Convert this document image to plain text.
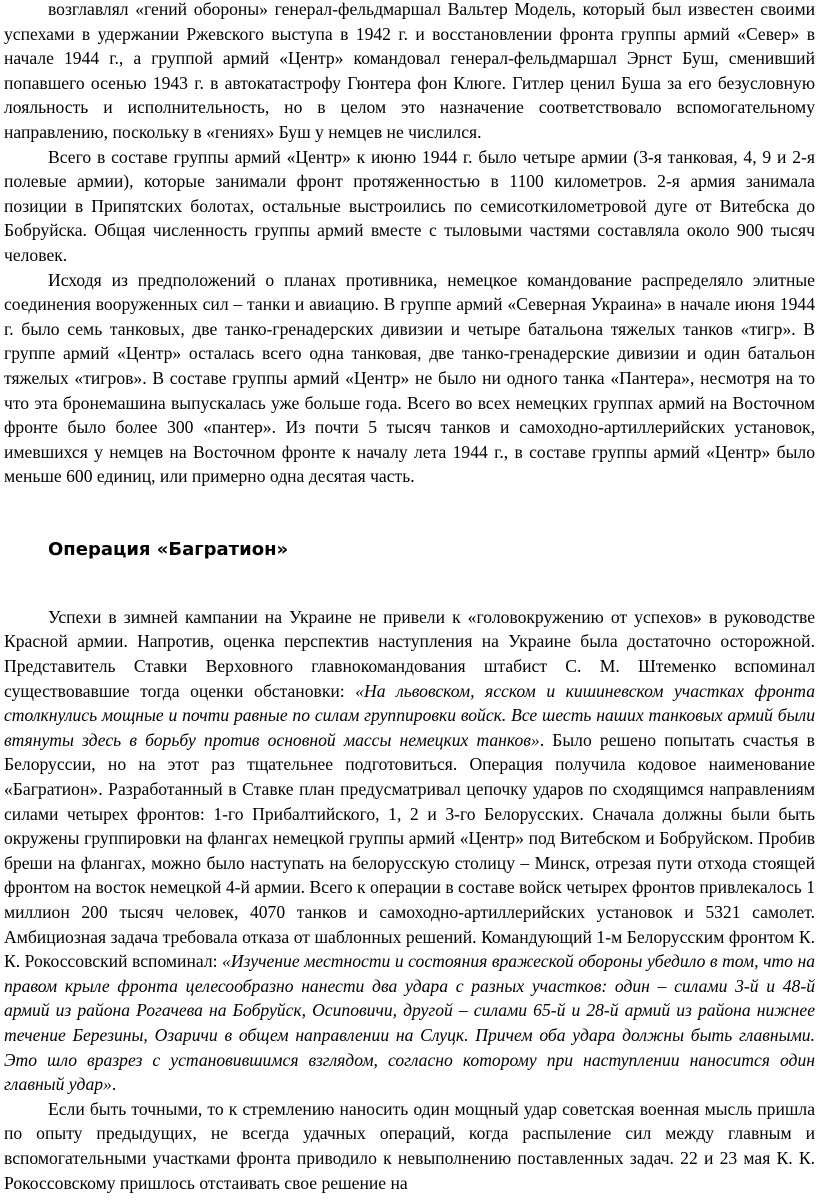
возглавлял «гений обороны» генерал-фельдмаршал Вальтер Модель, который был известен своими успехами в удержании Ржевского выступа в 1942 г. и восстановлении фронта группы армий «Север» в начале 1944 г., а группой армий «Центр» командовал генерал-фельдмаршал Эрнст Буш, сменивший попавшего осенью 1943 г. в автокатастрофу Гюнтера фон Клюге. Гитлер ценил Буша за его безусловную лояльность и исполнительность, но в целом это назначение соответствовало вспомогательному направлению, поскольку в «гениях» Буш у немцев не числился.

Всего в составе группы армий «Центр» к июню 1944 г. было четыре армии (3-я танковая, 4, 9 и 2-я полевые армии), которые занимали фронт протяженностью в 1100 километров. 2-я армия занимала позиции в Припятских болотах, остальные выстроились по семисоткилометровой дуге от Витебска до Бобруйска. Общая численность группы армий вместе с тыловыми частями составляла около 900 тысяч человек.

Исходя из предположений о планах противника, немецкое командование распределяло элитные соединения вооруженных сил – танки и авиацию. В группе армий «Северная Украина» в начале июня 1944 г. было семь танковых, две танко-гренадерских дивизии и четыре батальона тяжелых танков «тигр». В группе армий «Центр» осталась всего одна танковая, две танко-гренадерские дивизии и один батальон тяжелых «тигров». В составе группы армий «Центр» не было ни одного танка «Пантера», несмотря на то что эта бронемашина выпускалась уже больше года. Всего во всех немецких группах армий на Восточном фронте было более 300 «пантер». Из почти 5 тысяч танков и самоходно-артиллерийских установок, имевшихся у немцев на Восточном фронте к началу лета 1944 г., в составе группы армий «Центр» было меньше 600 единиц, или примерно одна десятая часть.

Операция «Багратион»

Успехи в зимней кампании на Украине не привели к «головокружению от успехов» в руководстве Красной армии. Напротив, оценка перспектив наступления на Украине была достаточно осторожной. Представитель Ставки Верховного главнокомандования штабист С. М. Штеменко вспоминал существовавшие тогда оценки обстановки: «На львовском, ясском и кишиневском участках фронта столкнулись мощные и почти равные по силам группировки войск. Все шесть наших танковых армий были втянуты здесь в борьбу против основной массы немецких танков». Было решено попытать счастья в Белоруссии, но на этот раз тщательнее подготовиться. Операция получила кодовое наименование «Багратион». Разработанный в Ставке план предусматривал цепочку ударов по сходящимся направлениям силами четырех фронтов: 1-го Прибалтийского, 1, 2 и 3-го Белорусских. Сначала должны были быть окружены группировки на флангах немецкой группы армий «Центр» под Витебском и Бобруйском. Пробив бреши на флангах, можно было наступать на белорусскую столицу – Минск, отрезая пути отхода стоящей фронтом на восток немецкой 4-й армии. Всего к операции в составе войск четырех фронтов привлекалось 1 миллион 200 тысяч человек, 4070 танков и самоходно-артиллерийских установок и 5321 самолет. Амбициозная задача требовала отказа от шаблонных решений. Командующий 1-м Белорусским фронтом К. К. Рокоссовский вспоминал: «Изучение местности и состояния вражеской обороны убедило в том, что на правом крыле фронта целесообразно нанести два удара с разных участков: один – силами 3-й и 48-й армий из района Рогачева на Бобруйск, Осиповичи, другой – силами 65-й и 28-й армий из района нижнее течение Березины, Озаричи в общем направлении на Слуцк. Причем оба удара должны быть главными. Это шло вразрез с установившимся взглядом, согласно которому при наступлении наносится один главный удар».

Если быть точными, то к стремлению наносить один мощный удар советская военная мысль пришла по опыту предыдущих, не всегда удачных операций, когда распыление сил между главным и вспомогательными участками фронта приводило к невыполнению поставленных задач. 22 и 23 мая К. К. Рокоссовскому пришлось отстаивать свое решение на
